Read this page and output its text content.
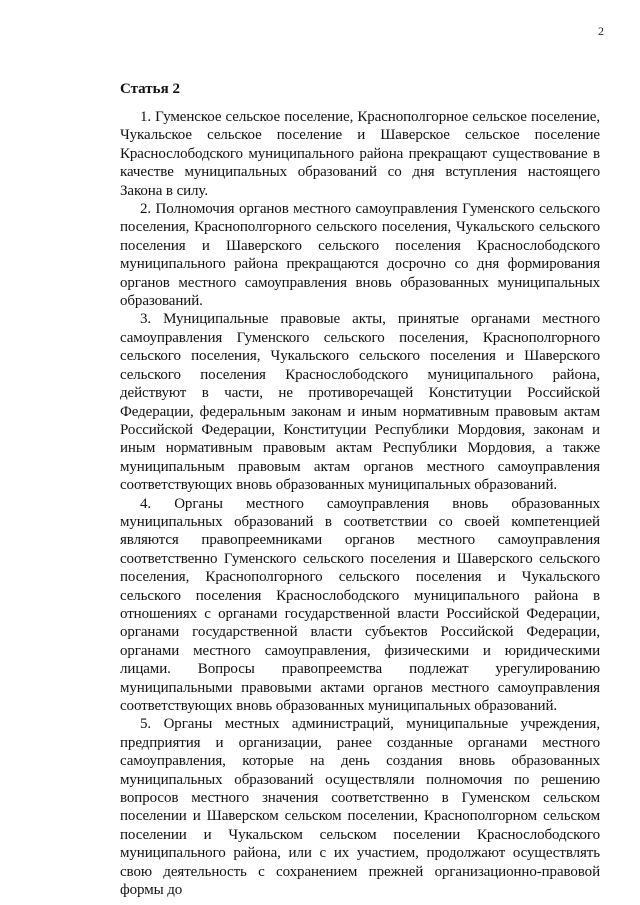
2
Статья 2

1. Гуменское сельское поселение, Краснополгорное сельское поселение, Чукальское сельское поселение и Шаверское сельское поселение Краснослободского муниципального района прекращают существование в качестве муниципальных образований со дня вступления настоящего Закона в силу.

2. Полномочия органов местного самоуправления Гуменского сельского поселения, Краснополгорного сельского поселения, Чукальского сельского поселения и Шаверского сельского поселения Краснослободского муниципального района прекращаются досрочно со дня формирования органов местного самоуправления вновь образованных муниципальных образований.

3. Муниципальные правовые акты, принятые органами местного самоуправления Гуменского сельского поселения, Краснополгорного сельского поселения, Чукальского сельского поселения и Шаверского сельского поселения Краснослободского муниципального района, действуют в части, не противоречащей Конституции Российской Федерации, федеральным законам и иным нормативным правовым актам Российской Федерации, Конституции Республики Мордовия, законам и иным нормативным правовым актам Республики Мордовия, а также муниципальным правовым актам органов местного самоуправления соответствующих вновь образованных муниципальных образований.

4. Органы местного самоуправления вновь образованных муниципальных образований в соответствии со своей компетенцией являются правопреемниками органов местного самоуправления соответственно Гуменского сельского поселения и Шаверского сельского поселения, Краснополгорного сельского поселения и Чукальского сельского поселения Краснослободского муниципального района в отношениях с органами государственной власти Российской Федерации, органами государственной власти субъектов Российской Федерации, органами местного самоуправления, физическими и юридическими лицами. Вопросы правопреемства подлежат урегулированию муниципальными правовыми актами органов местного самоуправления соответствующих вновь образованных муниципальных образований.

5. Органы местных администраций, муниципальные учреждения, предприятия и организации, ранее созданные органами местного самоуправления, которые на день создания вновь образованных муниципальных образований осуществляли полномочия по решению вопросов местного значения соответственно в Гуменском сельском поселении и Шаверском сельском поселении, Краснополгорном сельском поселении и Чукальском сельском поселении Краснослободского муниципального района, или с их участием, продолжают осуществлять свою деятельность с сохранением прежней организационно-правовой формы до
